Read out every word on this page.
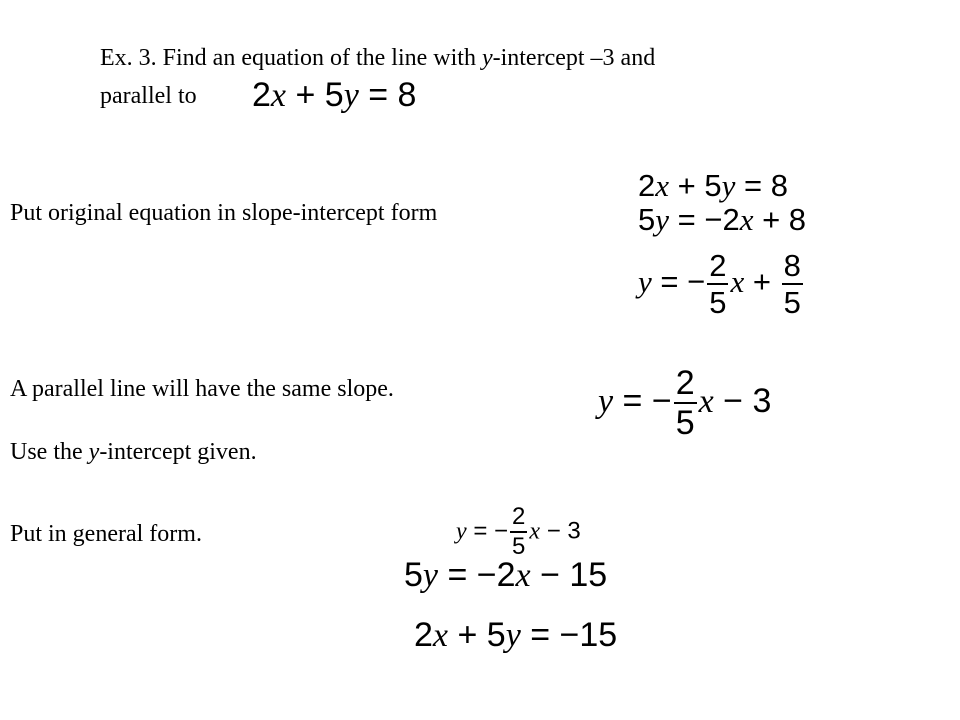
Ex. 3. Find an equation of the line with y-intercept –3 and
parallel to 2x + 5y = 8
Put original equation in slope-intercept form
2x + 5y = 8
5y = −2x + 8
y = − $\frac{2}{5}$ $x + \frac{8}{5}$
A parallel line will have the same slope.	y = − $\frac{2}{5}$ x − 3
Use the y-intercept given.
Put in general form.	y = − $\frac{2}{5}$ x − 3
5y = −2x − 15
2x + 5y = −15
